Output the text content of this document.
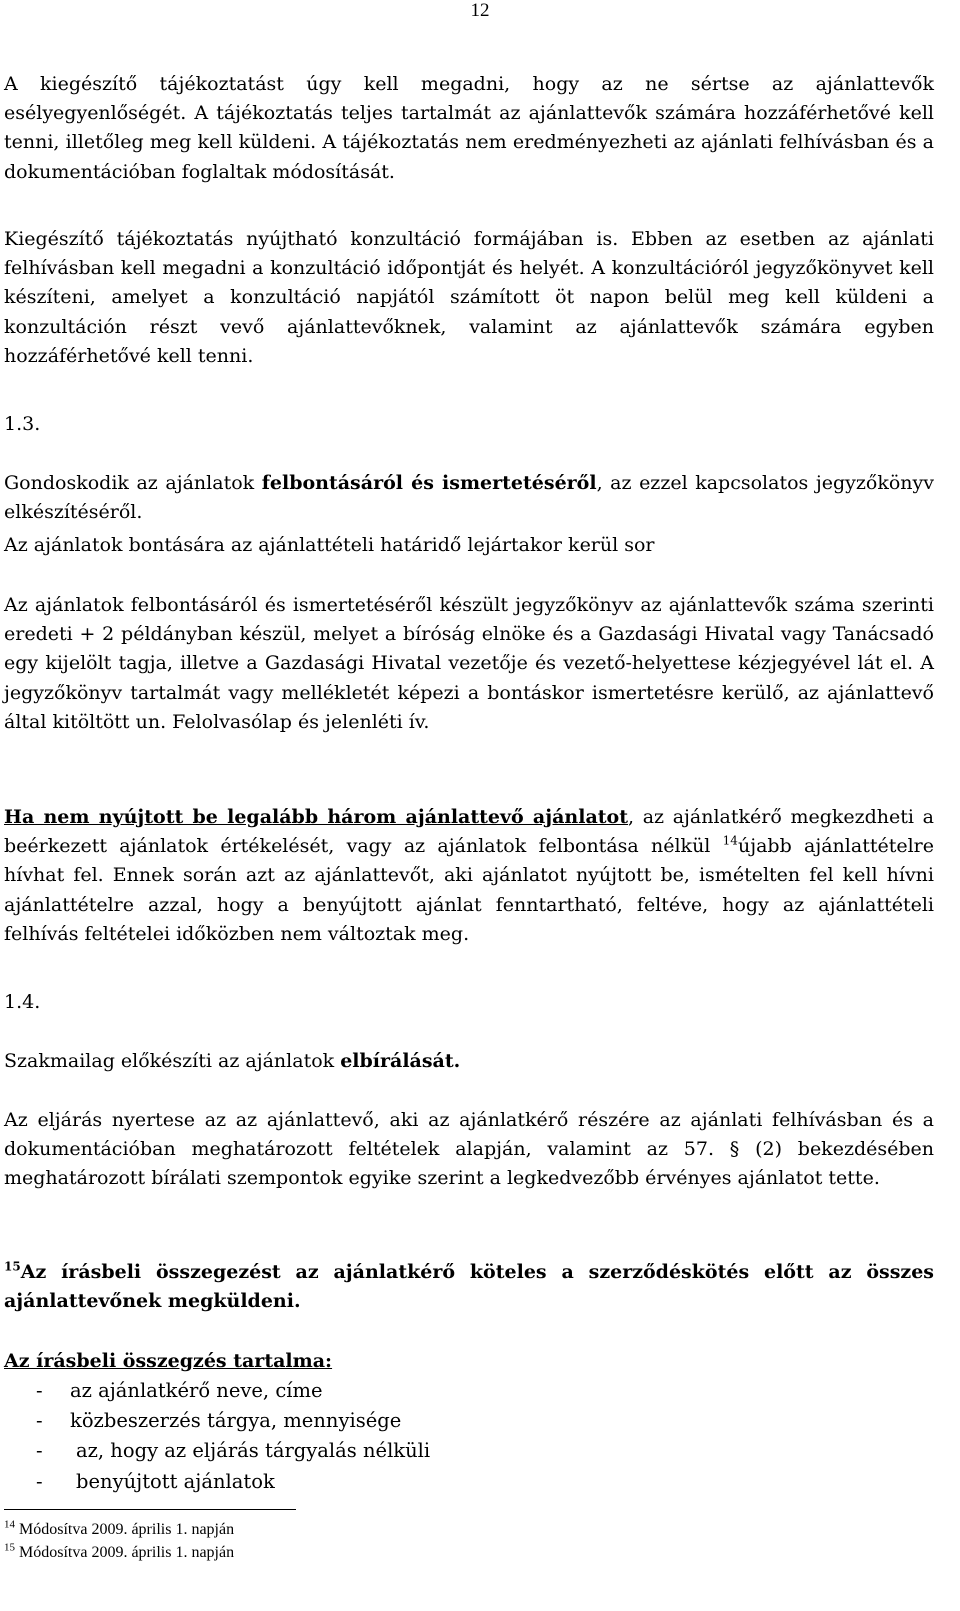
12

A kiegészítő tájékoztatást úgy kell megadni, hogy az ne sértse az ajánlattevők esélyegyenlőségét. A tájékoztatás teljes tartalmát az ajánlattevők számára hozzáférhetővé kell tenni, illetőleg meg kell küldeni. A tájékoztatás nem eredményezheti az ajánlati felhívásban és a dokumentációban foglaltak módosítását.

Kiegészítő tájékoztatás nyújtható konzultáció formájában is. Ebben az esetben az ajánlati felhívásban kell megadni a konzultáció időpontját és helyét. A konzultációról jegyzőkönyvet kell készíteni, amelyet a konzultáció napjától számított öt napon belül meg kell küldeni a konzultáción részt vevő ajánlattevőknek, valamint az ajánlattevők számára egyben hozzáférhetővé kell tenni.

1.3.

Gondoskodik az ajánlatok felbontásáról és ismertetéséről, az ezzel kapcsolatos jegyzőkönyv elkészítéséről.

Az ajánlatok bontására az ajánlattételi határidő lejártakor kerül sor

Az ajánlatok felbontásáról és ismertetéséről készült jegyzőkönyv az ajánlattevők száma szerinti eredeti + 2 példányban készül, melyet a bíróság elnöke és a Gazdasági Hivatal vagy Tanácsadó egy kijelölt tagja, illetve a Gazdasági Hivatal vezetője és vezető-helyettese kézjegyével lát el. A jegyzőkönyv tartalmát vagy mellékletét képezi a bontáskor ismertetésre kerülő, az ajánlattevő által kitöltött un. Felolvasólap és jelenléti ív.

Ha nem nyújtott be legalább három ajánlattevő ajánlatot, az ajánlatkérő megkezdheti a beérkezett ajánlatok értékelését, vagy az ajánlatok felbontása nélkül $^{14}$újabb ajánlattételre hívhat fel. Ennek során azt az ajánlattevőt, aki ajánlatot nyújtott be, ismételten fel kell hívni ajánlattételre azzal, hogy a benyújtott ajánlat fenntartható, feltéve, hogy az ajánlattételi felhívás feltételei időközben nem változtak meg.

1.4.

Szakmailag előkészíti az ajánlatok elbírálását.

Az eljárás nyertese az az ajánlattevő, aki az ajánlatkérő részére az ajánlati felhívásban és a dokumentációban meghatározott feltételek alapján, valamint az 57. § (2) bekezdésében meghatározott bírálati szempontok egyike szerint a legkedvezőbb érvényes ajánlatot tette.

$^{15}$Az írásbeli összegezést az ajánlatkérő köteles a szerződéskötés előtt az összes ajánlattevőnek megküldeni.

Az írásbeli összegzés tartalma:

- az ajánlatkérő neve, címe
- közbeszerzés tárgya, mennyisége
- az, hogy az eljárás tárgyalás nélküli
- benyújtott ajánlatok
$^{14}$ Módosítva 2009. április 1. napján
$^{15}$ Módosítva 2009. április 1. napján
